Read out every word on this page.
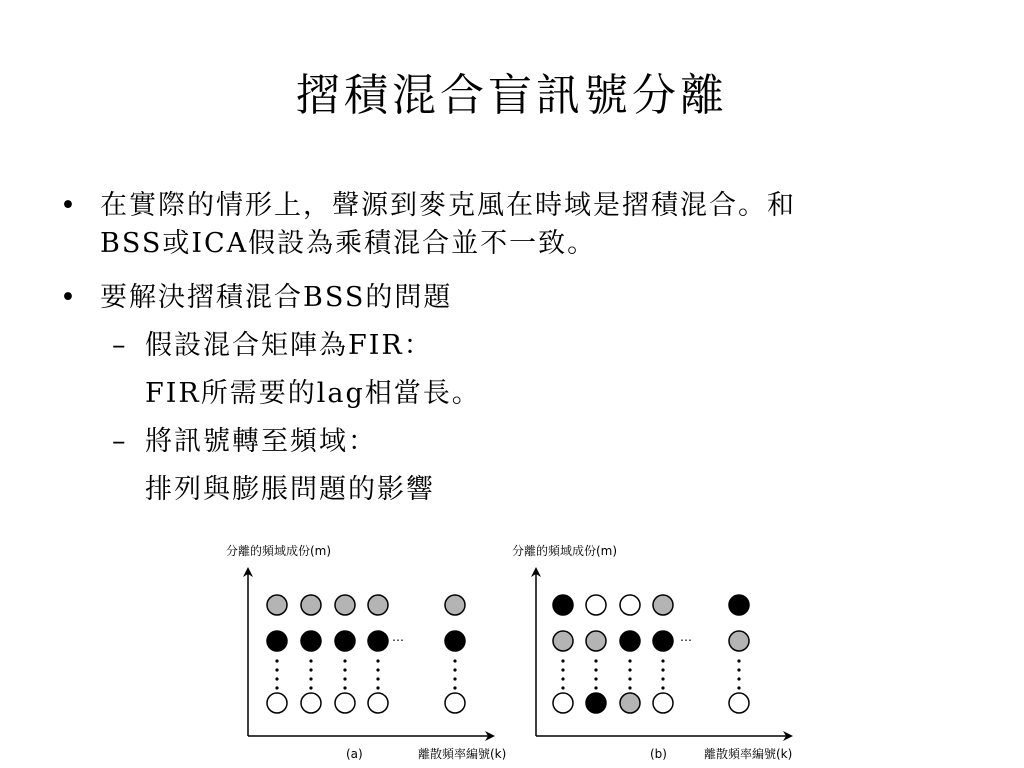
摺積混合盲訊號分離
• 在實際的情形上，聲源到麥克風在時域是摺積混合。和
BSS或ICA假設為乘積混合並不一致。
• 要解決摺積混合BSS的問題
– 假設混合矩陣為FIR：
FIR所需要的lag相當長。
– 將訊號轉至頻域：
排列與膨脹問題的影響
分離的頻域成份(m)
…
(a)	離散頻率編號(k)
分離的頻域成份(m)
…
(b)	離散頻率編號(k)
